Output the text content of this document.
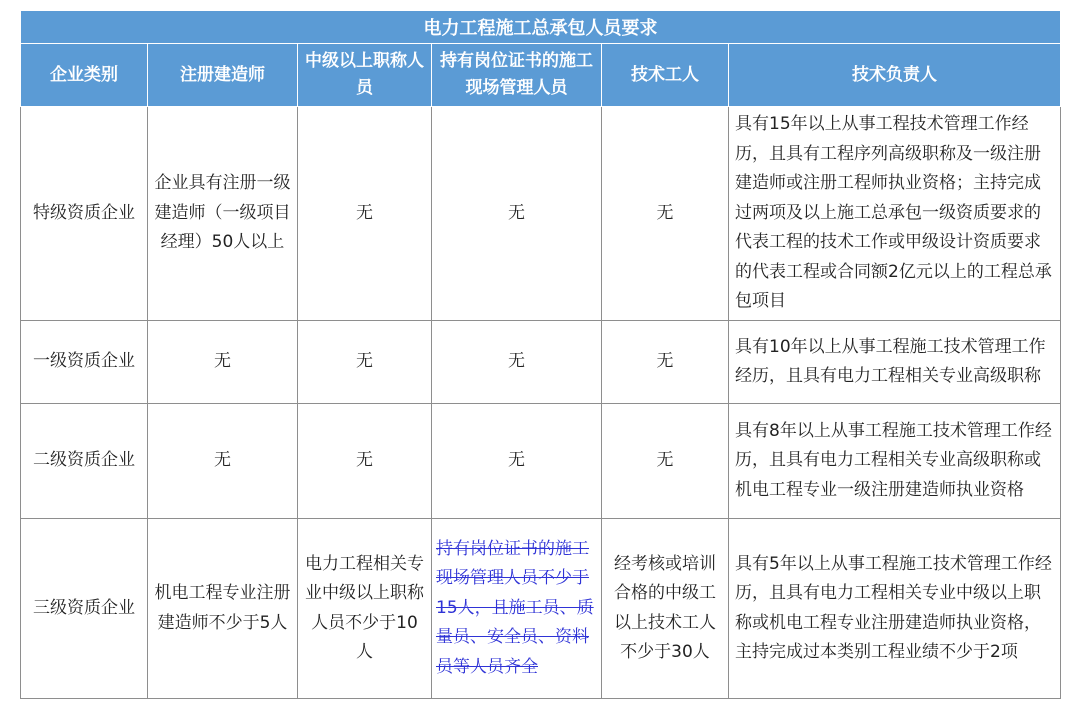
电力工程施工总承包人员要求					
企业类别	注册建造师	中级以上职称人员	持有岗位证书的施工现场管理人员	技术工人	技术负责人
特级资质企业	企业具有注册一级建造师（一级项目经理）50人以上	无	无	无	具有15年以上从事工程技术管理工作经历，且具有工程序列高级职称及一级注册建造师或注册工程师执业资格；主持完成过两项及以上施工总承包一级资质要求的代表工程的技术工作或甲级设计资质要求的代表工程或合同额2亿元以上的工程总承包项目
一级资质企业	无	无	无	无	具有10年以上从事工程施工技术管理工作经历，且具有电力工程相关专业高级职称
二级资质企业	无	无	无	无	具有8年以上从事工程施工技术管理工作经历，且具有电力工程相关专业高级职称或机电工程专业一级注册建造师执业资格
三级资质企业	机电工程专业注册建造师不少于5人	电力工程相关专业中级以上职称人员不少于10人	持有岗位证书的施工现场管理人员不少于15人，且施工员、质量员、安全员、资料员等人员齐全	经考核或培训合格的中级工以上技术工人不少于30人	具有5年以上从事工程施工技术管理工作经历，且具有电力工程相关专业中级以上职称或机电工程专业注册建造师执业资格，主持完成过本类别工程业绩不少于2项
